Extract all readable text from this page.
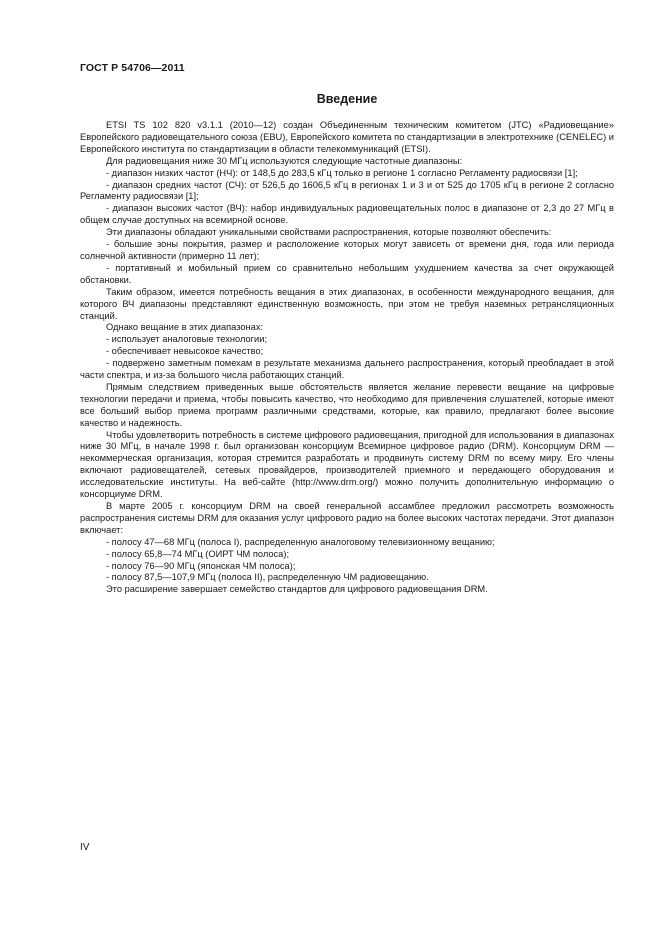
ГОСТ Р 54706—2011
Введение

ETSI TS 102 820 v3.1.1 (2010—12) создан Объединенным техническим комитетом (JTC) «Радиовещание» Европейского радиовещательного союза (EBU), Европейского комитета по стандартизации в электротехнике (CENELEC) и Европейского института по стандартизации в области телекоммуникаций (ETSI).

Для радиовещания ниже 30 МГц используются следующие частотные диапазоны:

- диапазон низких частот (НЧ): от 148,5 до 283,5 кГц только в регионе 1 согласно Регламенту радиосвязи [1];

- диапазон средних частот (СЧ): от 526,5 до 1606,5 кГц в регионах 1 и 3 и от 525 до 1705 кГц в регионе 2 согласно Регламенту радиосвязи [1];

- диапазон высоких частот (ВЧ): набор индивидуальных радиовещательных полос в диапазоне от 2,3 до 27 МГц в общем случае доступных на всемирной основе.

Эти диапазоны обладают уникальными свойствами распространения, которые позволяют обеспечить:

- большие зоны покрытия, размер и расположение которых могут зависеть от времени дня, года или периода солнечной активности (примерно 11 лет);

- портативный и мобильный прием со сравнительно небольшим ухудшением качества за счет окружающей обстановки.

Таким образом, имеется потребность вещания в этих диапазонах, в особенности международного вещания, для которого ВЧ диапазоны представляют единственную возможность, при этом не требуя наземных ретрансляционных станций.

Однако вещание в этих диапазонах:

- использует аналоговые технологии;

- обеспечивает невысокое качество;

- подвержено заметным помехам в результате механизма дальнего распространения, который преобладает в этой части спектра, и из-за большого числа работающих станций.

Прямым следствием приведенных выше обстоятельств является желание перевести вещание на цифровые технологии передачи и приема, чтобы повысить качество, что необходимо для привлечения слушателей, которые имеют все больший выбор приема программ различными средствами, которые, как правило, предлагают более высокие качество и надежность.

Чтобы удовлетворить потребность в системе цифрового радиовещания, пригодной для использования в диапазонах ниже 30 МГц, в начале 1998 г. был организован консорциум Всемирное цифровое радио (DRM). Консорциум DRM — некоммерческая организация, которая стремится разработать и продвинуть систему DRM по всему миру. Его члены включают радиовещателей, сетевых провайдеров, производителей приемного и передающего оборудования и исследовательские институты. На веб-сайте (http://www.drm.org/) можно получить дополнительную информацию о консорциуме DRM.

В марте 2005 г. консорциум DRM на своей генеральной ассамблее предложил рассмотреть возможность распространения системы DRM для оказания услуг цифрового радио на более высоких частотах передачи. Этот диапазон включает:

- полосу 47—68 МГц (полоса I), распределенную аналоговому телевизионному вещанию;

- полосу 65,8—74 МГц (ОИРТ ЧМ полоса);

- полосу 76—90 МГц (японская ЧМ полоса);

- полосу 87,5—107,9 МГц (полоса II), распределенную ЧМ радиовещанию.

Это расширение завершает семейство стандартов для цифрового радиовещания DRM.

IV
